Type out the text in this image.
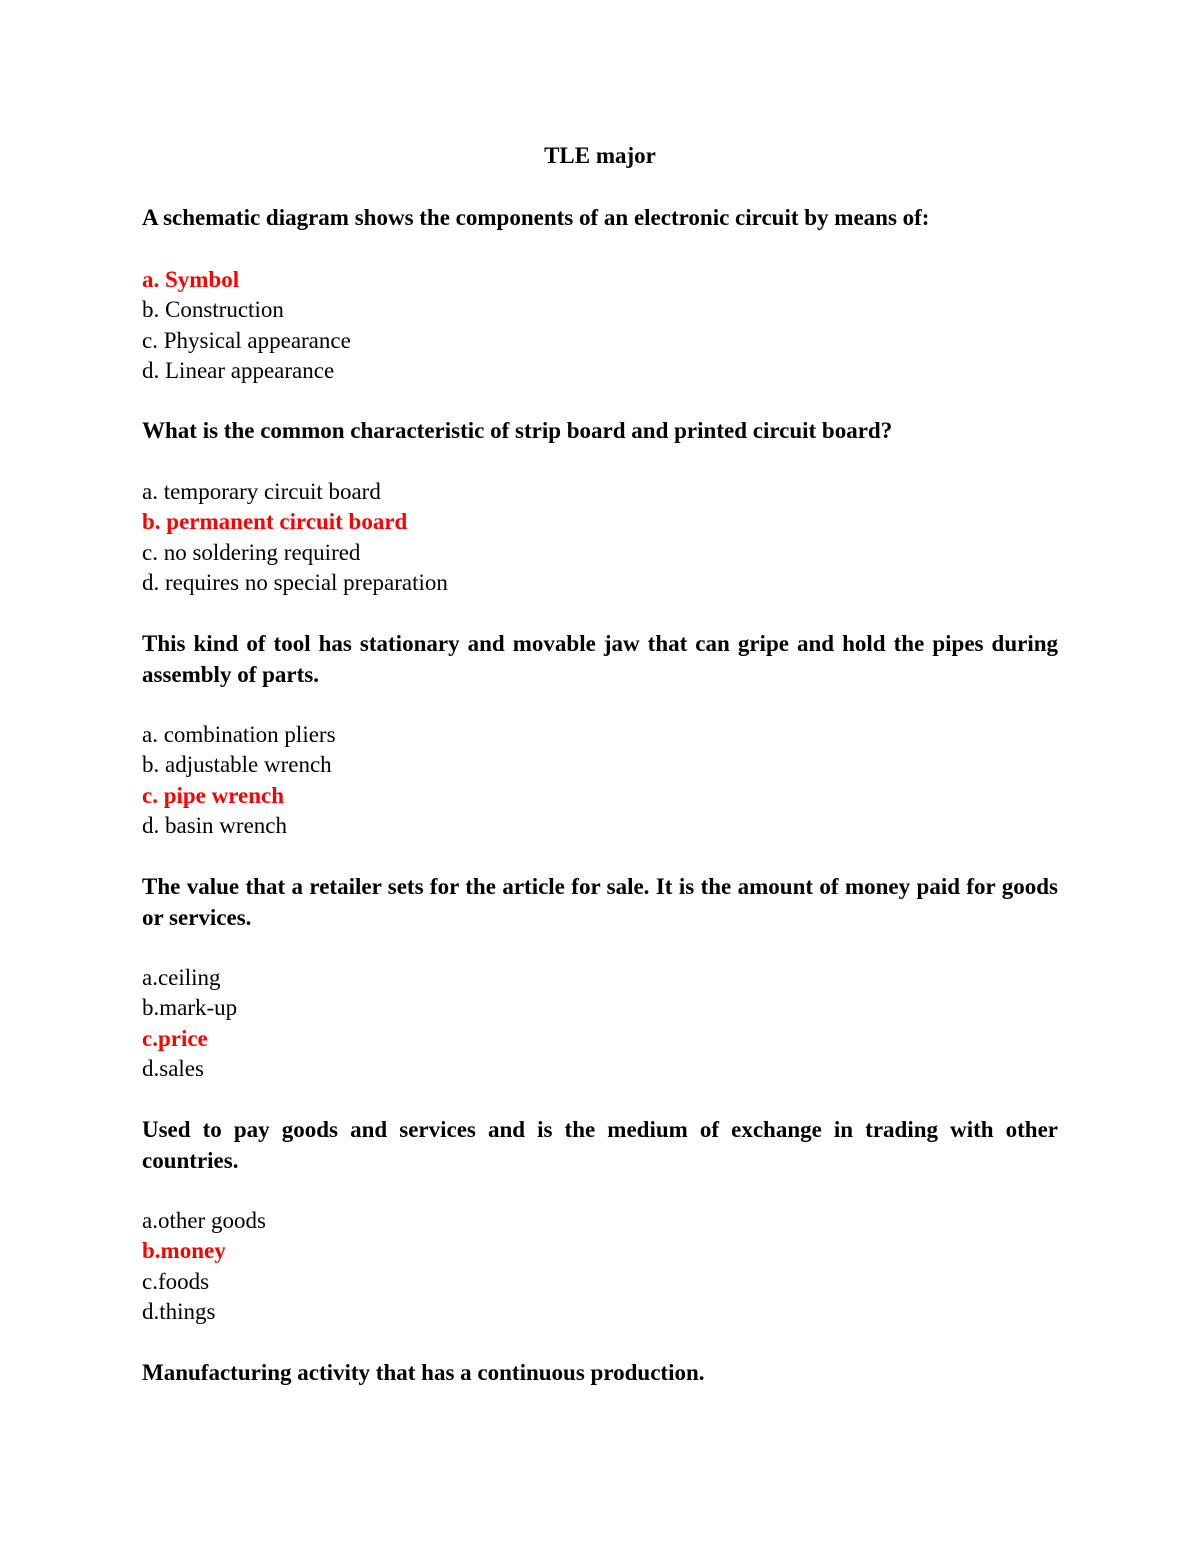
TLE major

A schematic diagram shows the components of an electronic circuit by means of:

a. Symbol
b. Construction
c. Physical appearance
d. Linear appearance

What is the common characteristic of strip board and printed circuit board?

a. temporary circuit board
b. permanent circuit board
c. no soldering required
d. requires no special preparation

This kind of tool has stationary and movable jaw that can gripe and hold the pipes during assembly of parts.

a. combination pliers
b. adjustable wrench
c. pipe wrench
d. basin wrench

The value that a retailer sets for the article for sale. It is the amount of money paid for goods or services.

a.ceiling
b.mark-up
c.price
d.sales

Used to pay goods and services and is the medium of exchange in trading with other countries.

a.other goods
b.money
c.foods
d.things

Manufacturing activity that has a continuous production.
